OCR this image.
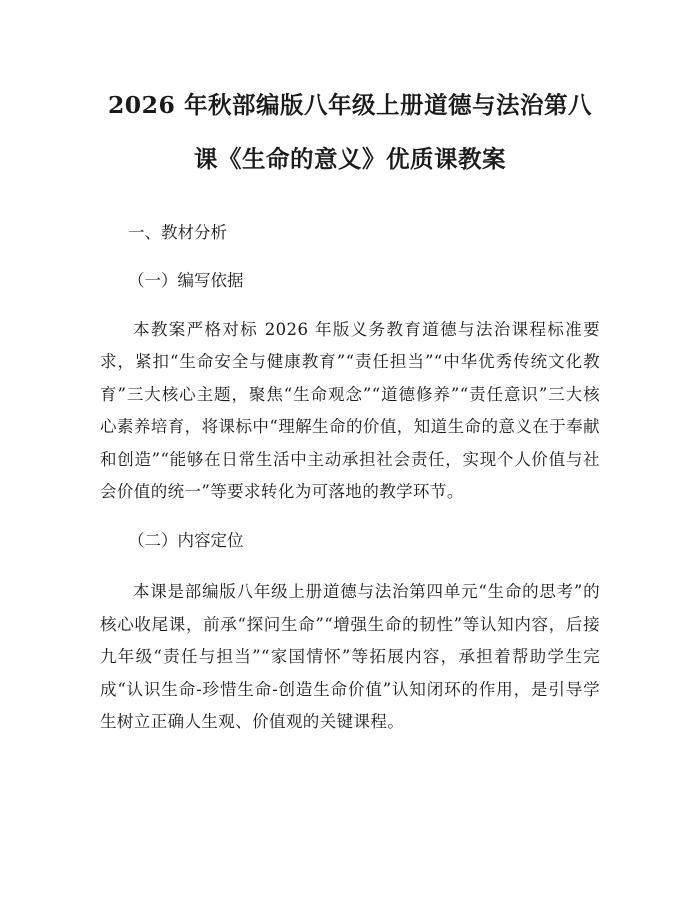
2026 年秋部编版八年级上册道德与法治第八课《生命的意义》优质课教案

一、教材分析

（一）编写依据

本教案严格对标 2026 年版义务教育道德与法治课程标准要求，紧扣“生命安全与健康教育”“责任担当”“中华优秀传统文化教育”三大核心主题，聚焦“生命观念”“道德修养”“责任意识”三大核心素养培育，将课标中“理解生命的价值，知道生命的意义在于奉献和创造”“能够在日常生活中主动承担社会责任，实现个人价值与社会价值的统一”等要求转化为可落地的教学环节。

（二）内容定位

本课是部编版八年级上册道德与法治第四单元“生命的思考”的核心收尾课，前承“探问生命”“增强生命的韧性”等认知内容，后接九年级“责任与担当”“家国情怀”等拓展内容，承担着帮助学生完成“认识生命-珍惜生命-创造生命价值”认知闭环的作用，是引导学生树立正确人生观、价值观的关键课程。
